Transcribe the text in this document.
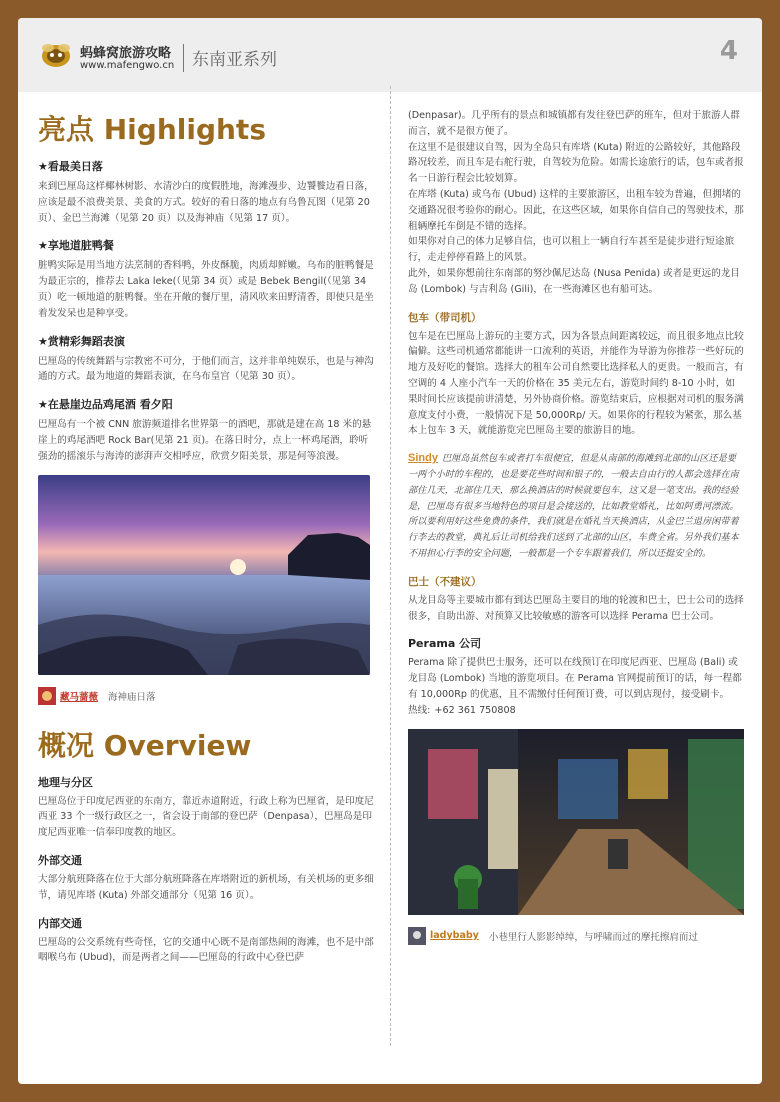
蚂蜂窝旅游攻略
www.mafengwo.cn 东南亚系列	4
亮点 Highlights
★看最美日落
来到巴厘岛这样椰林树影、水清沙白的度假胜地，海滩漫步、边饕餮边看日落，应该是最不浪费美景、美食的方式。较好的看日落的地点有乌鲁瓦图（见第 20 页）、金巴兰海滩（见第 20 页）以及海神庙（见第 17 页）。
★享地道脏鸭餐
脏鸭实际是用当地方法烹制的香料鸭，外皮酥脆，肉质却鲜嫩。乌布的脏鸭餐是为最正宗的，推荐去 Laka leke(（见第 34 页）或是 Bebek Bengil(（见第 34 页）吃一顿地道的脏鸭餐。坐在开敞的餐厅里，清风吹来田野清香，即使只是坐着发发呆也是种享受。
★赏精彩舞蹈表演
巴厘岛的传统舞蹈与宗教密不可分，于他们而言，这并非单纯娱乐，也是与神沟通的方式。最为地道的舞蹈表演，在乌布皇宫（见第 30 页）。
★在悬崖边品鸡尾酒 看夕阳
巴厘岛有一个被 CNN 旅游频道排名世界第一的酒吧，那就是建在高 18 米的悬崖上的鸡尾酒吧 Rock Bar(见第 21 页)。在落日时分，点上一杯鸡尾酒，聆听强劲的摇滚乐与海涛的澎湃声交相呼应，欣赏夕阳美景，那是何等浪漫。
藏马蔷薇 海神庙日落
概况 Overview
地理与分区
巴厘岛位于印度尼西亚的东南方，靠近赤道附近，行政上称为巴厘省，是印度尼西亚 33 个一级行政区之一，省会设于南部的登巴萨（Denpasa），巴厘岛是印度尼西亚唯一信奉印度教的地区。
外部交通
大部分航班降落在位于大部分航班降落在库塔附近的新机场，有关机场的更多细节，请见库塔 (Kuta) 外部交通部分（见第 16 页）。
内部交通
巴厘岛的公交系统有些奇怪，它的交通中心既不是南部热闹的海滩，也不是中部咽喉乌布 (Ubud)，而是两者之间——巴厘岛的行政中心登巴萨
(Denpasar)。几乎所有的景点和城镇都有发往登巴萨的班车，但对于旅游人群而言，就不是很方便了。
在这里不是很建议自驾，因为全岛只有库塔 (Kuta) 附近的公路较好，其他路段路况较差，而且车是右舵行驶，自驾较为危险。如需长途旅行的话，包车或者报名一日游行程会比较划算。
在库塔 (Kuta) 或乌布 (Ubud) 这样的主要旅游区，出租车较为普遍，但拥堵的交通路况很考验你的耐心。因此，在这些区域，如果你自信自己的驾驶技术，那租辆摩托车倒是不错的选择。
如果你对自己的体力足够自信，也可以租上一辆自行车甚至是徒步进行短途旅行，走走停停看路上的风景。
此外，如果你想前往东南部的努沙佩尼达岛 (Nusa Penida) 或者是更远的龙目岛 (Lombok) 与吉利岛 (Gili)，在一些海滩区也有船可达。
包车（带司机）
包车是在巴厘岛上游玩的主要方式，因为各景点间距离较远，而且很多地点比较偏僻。这些司机通常都能讲一口流利的英语，并能作为导游为你推荐一些好玩的地方及好吃的餐馆。选择大的租车公司自然要比选择私人的更贵。一般而言，有空调的 4 人座小汽车一天的价格在 35 美元左右，游览时间约 8-10 小时，如果时间长应该提前讲清楚，另外协商价格。游览结束后，应根据对司机的服务满意度支付小费，一般情况下是 50,000Rp/ 天。如果你的行程较为紧张，那么基本上包车 3 天，就能游览完巴厘岛主要的旅游目的地。
Sindy 巴厘岛虽然包车或者打车很便宜，但是从南部的海滩到北部的山区还是要一两个小时的车程的，也是要花些时间和银子的，一般去自由行的人都会选择在南部住几天，北部住几天，那么换酒店的时候就要包车，这又是一笔支出。我的经验是，巴厘岛有很多当地特色的项目是会接送的，比如教堂婚礼，比如阿勇河漂流。所以要利用好这些免费的条件，我们就是在婚礼当天换酒店，从金巴兰退房闲带着行李去的教堂，典礼后让司机给我们送到了北部的山区，车费全省。另外我们基本不用担心行李的安全问题，一般都是一个专车跟着我们，所以还挺安全的。
巴士（不建议）
从龙目岛等主要城市都有到达巴厘岛主要目的地的轮渡和巴士，巴士公司的选择很多，自助出游、对预算又比较敏感的游客可以选择 Perama 巴士公司。
Perama 公司
Perama 除了提供巴士服务，还可以在线预订在印度尼西亚、巴厘岛 (Bali) 或龙目岛 (Lombok) 当地的游览项目。在 Perama 官网提前预订的话，每一程都有 10,000Rp 的优惠，且不需缴付任何预订费，可以到店现付，接受刷卡。
热线: +62 361 750808
ladybaby 小巷里行人影影绰绰，与呼啸而过的摩托擦肩而过
